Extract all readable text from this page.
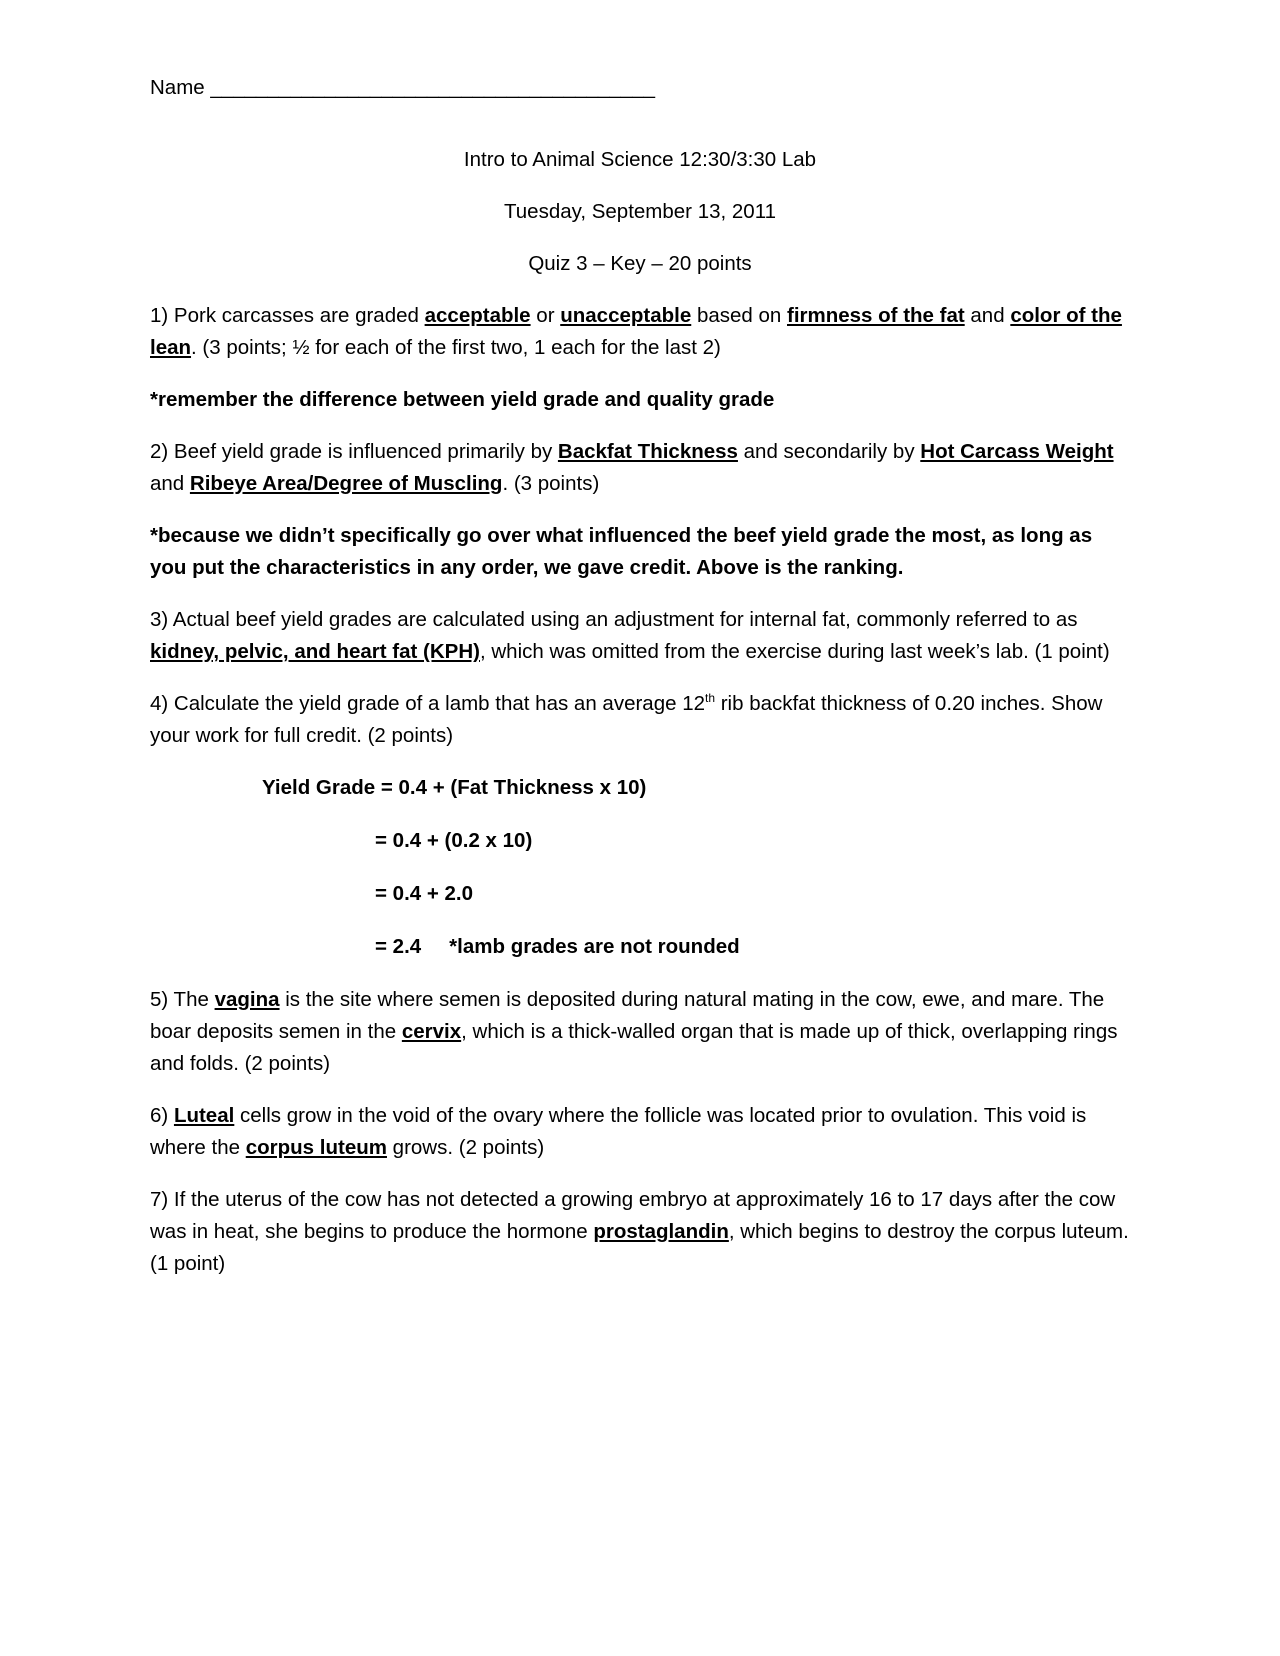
Name _______________________________________

Intro to Animal Science 12:30/3:30 Lab

Tuesday, September 13, 2011

Quiz 3 – Key – 20 points

1) Pork carcasses are graded acceptable or unacceptable based on firmness of the fat and color of the lean. (3 points; ½ for each of the first two, 1 each for the last 2)

*remember the difference between yield grade and quality grade

2) Beef yield grade is influenced primarily by Backfat Thickness and secondarily by Hot Carcass Weight and Ribeye Area/Degree of Muscling. (3 points)

*because we didn’t specifically go over what influenced the beef yield grade the most, as long as you put the characteristics in any order, we gave credit. Above is the ranking.

3) Actual beef yield grades are calculated using an adjustment for internal fat, commonly referred to as kidney, pelvic, and heart fat (KPH), which was omitted from the exercise during last week’s lab. (1 point)

4) Calculate the yield grade of a lamb that has an average 12th rib backfat thickness of 0.20 inches. Show your work for full credit. (2 points)

Yield Grade = 0.4 + (Fat Thickness x 10)

= 0.4 + (0.2 x 10)

= 0.4 + 2.0

= 2.4 *lamb grades are not rounded

5) The vagina is the site where semen is deposited during natural mating in the cow, ewe, and mare. The boar deposits semen in the cervix, which is a thick-walled organ that is made up of thick, overlapping rings and folds. (2 points)

6) Luteal cells grow in the void of the ovary where the follicle was located prior to ovulation. This void is where the corpus luteum grows. (2 points)

7) If the uterus of the cow has not detected a growing embryo at approximately 16 to 17 days after the cow was in heat, she begins to produce the hormone prostaglandin, which begins to destroy the corpus luteum. (1 point)
